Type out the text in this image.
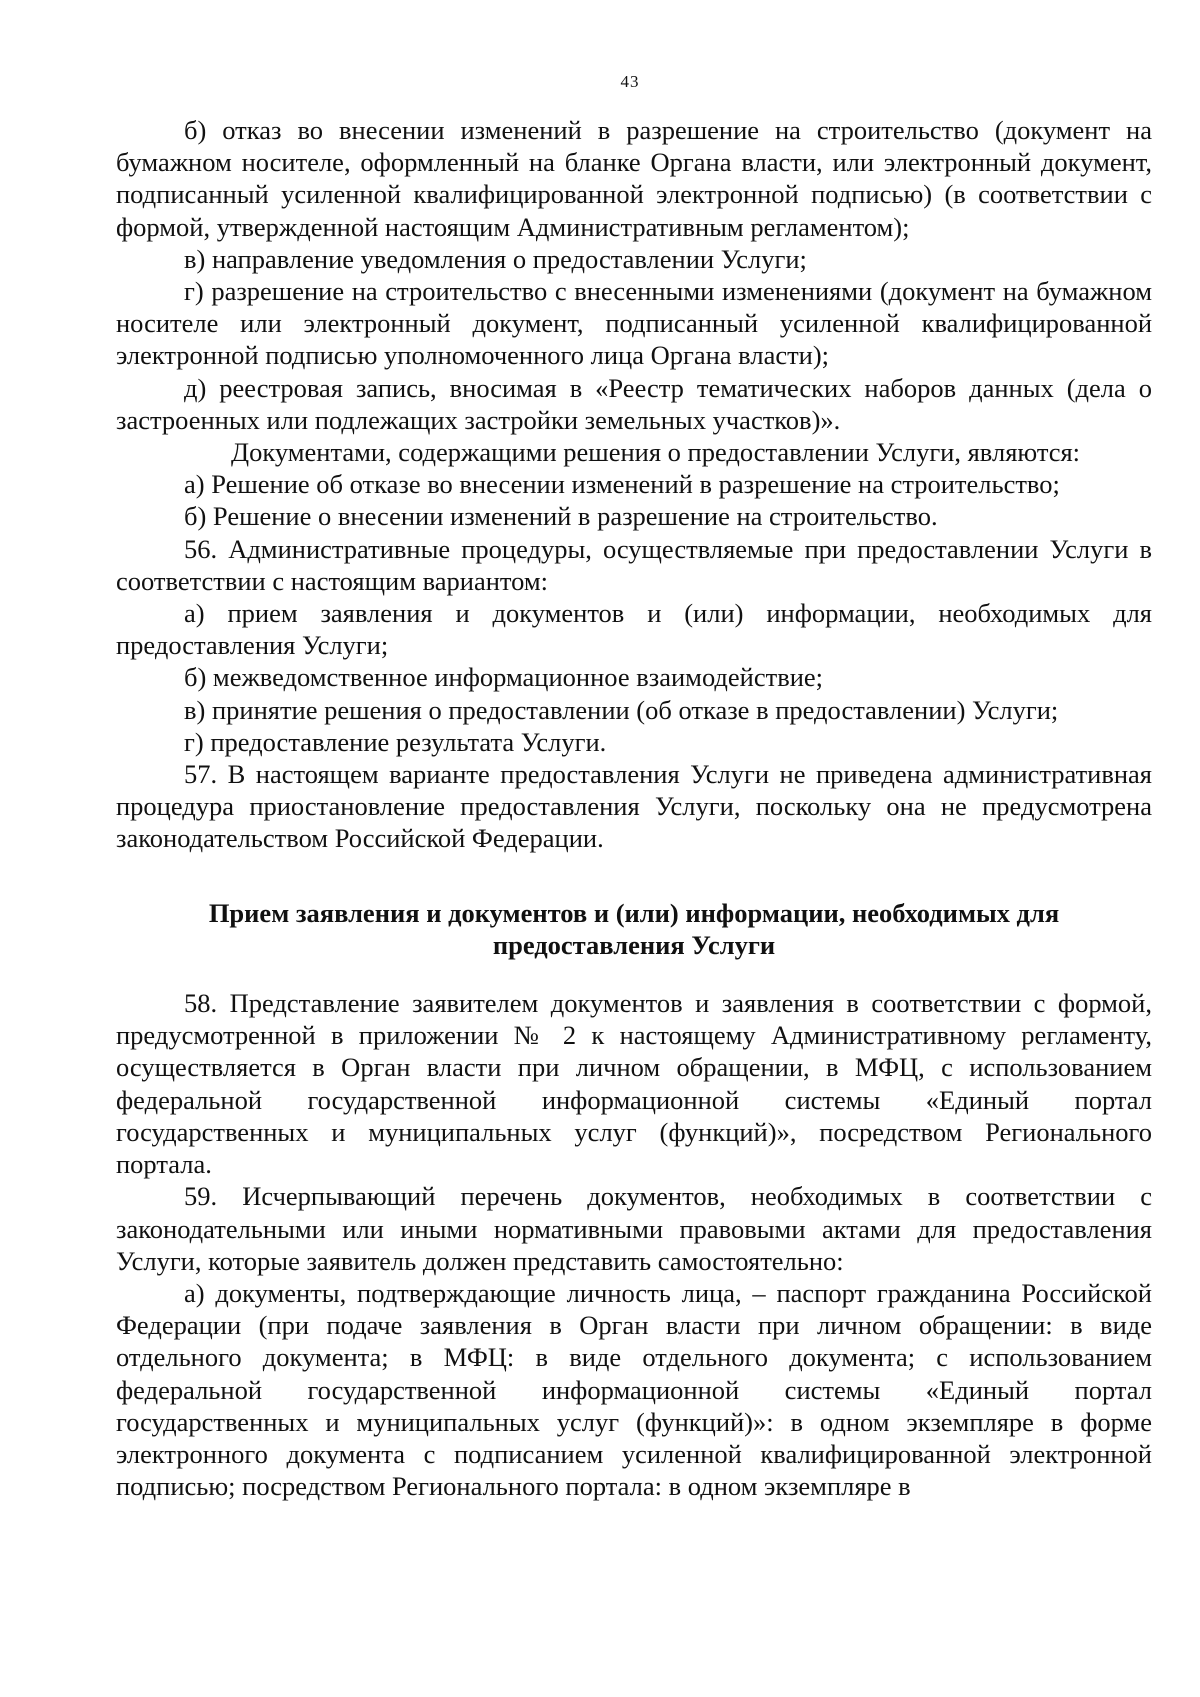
43

б) отказ во внесении изменений в разрешение на строительство (документ на бумажном носителе, оформленный на бланке Органа власти, или электронный документ, подписанный усиленной квалифицированной электронной подписью) (в соответствии с формой, утвержденной настоящим Административным регламентом);

в) направление уведомления о предоставлении Услуги;

г) разрешение на строительство с внесенными изменениями (документ на бумажном носителе или электронный документ, подписанный усиленной квалифицированной электронной подписью уполномоченного лица Органа власти);

д) реестровая запись, вносимая в «Реестр тематических наборов данных (дела о застроенных или подлежащих застройки земельных участков)».

Документами, содержащими решения о предоставлении Услуги, являются:

а) Решение об отказе во внесении изменений в разрешение на строительство;

б) Решение о внесении изменений в разрешение на строительство.

56. Административные процедуры, осуществляемые при предоставлении Услуги в соответствии с настоящим вариантом:

а) прием заявления и документов и (или) информации, необходимых для предоставления Услуги;

б) межведомственное информационное взаимодействие;

в) принятие решения о предоставлении (об отказе в предоставлении) Услуги;

г) предоставление результата Услуги.

57. В настоящем варианте предоставления Услуги не приведена административная процедура приостановление предоставления Услуги, поскольку она не предусмотрена законодательством Российской Федерации.

Прием заявления и документов и (или) информации, необходимых для предоставления Услуги

58. Представление заявителем документов и заявления в соответствии с формой, предусмотренной в приложении № 2 к настоящему Административному регламенту, осуществляется в Орган власти при личном обращении, в МФЦ, с использованием федеральной государственной информационной системы «Единый портал государственных и муниципальных услуг (функций)», посредством Регионального портала.

59. Исчерпывающий перечень документов, необходимых в соответствии с законодательными или иными нормативными правовыми актами для предоставления Услуги, которые заявитель должен представить самостоятельно:

а) документы, подтверждающие личность лица, – паспорт гражданина Российской Федерации (при подаче заявления в Орган власти при личном обращении: в виде отдельного документа; в МФЦ: в виде отдельного документа; с использованием федеральной государственной информационной системы «Единый портал государственных и муниципальных услуг (функций)»: в одном экземпляре в форме электронного документа с подписанием усиленной квалифицированной электронной подписью; посредством Регионального портала: в одном экземпляре в
